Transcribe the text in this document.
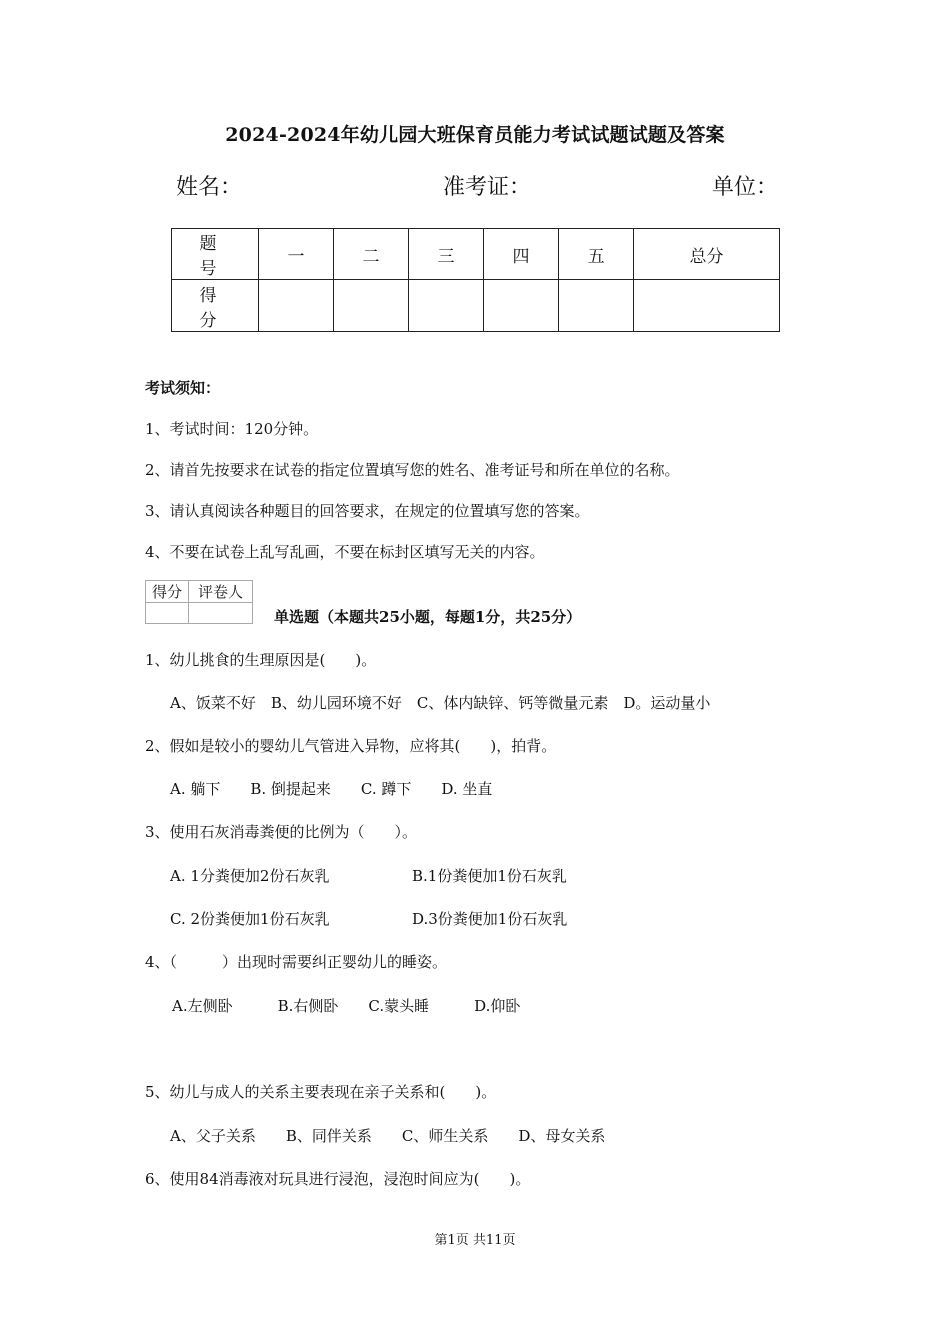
2024-2024年幼儿园大班保育员能力考试试题试题及答案
姓名：	准考证：	单位：
题　号	一	二	三	四	五	总分
得　分						
考试须知：
1、考试时间：120分钟。
2、请首先按要求在试卷的指定位置填写您的姓名、准考证号和所在单位的名称。
3、请认真阅读各种题目的回答要求，在规定的位置填写您的答案。
4、不要在试卷上乱写乱画，不要在标封区填写无关的内容。
得分	评卷人

单选题（本题共25小题，每题1分，共25分）
1、幼儿挑食的生理原因是(　　)。
A、饭菜不好　B、幼儿园环境不好　C、体内缺锌、钙等微量元素　D。运动量小
2、假如是较小的婴幼儿气管进入异物，应将其(　　)，拍背。
A. 躺下　　B. 倒提起来　　C. 蹲下　　D. 坐直
3、使用石灰消毒粪便的比例为（　　）。
A. 1分粪便加2份石灰乳	B.1份粪便加1份石灰乳
C. 2份粪便加1份石灰乳	D.3份粪便加1份石灰乳
4、（　　　）出现时需要纠正婴幼儿的睡姿。
A.左侧卧　　　B.右侧卧　　C.蒙头睡　　　D.仰卧
5、幼儿与成人的关系主要表现在亲子关系和(　　)。
A、父子关系　　B、同伴关系　　C、师生关系　　D、母女关系
6、使用84消毒液对玩具进行浸泡，浸泡时间应为(　　)。
第1页 共11页
